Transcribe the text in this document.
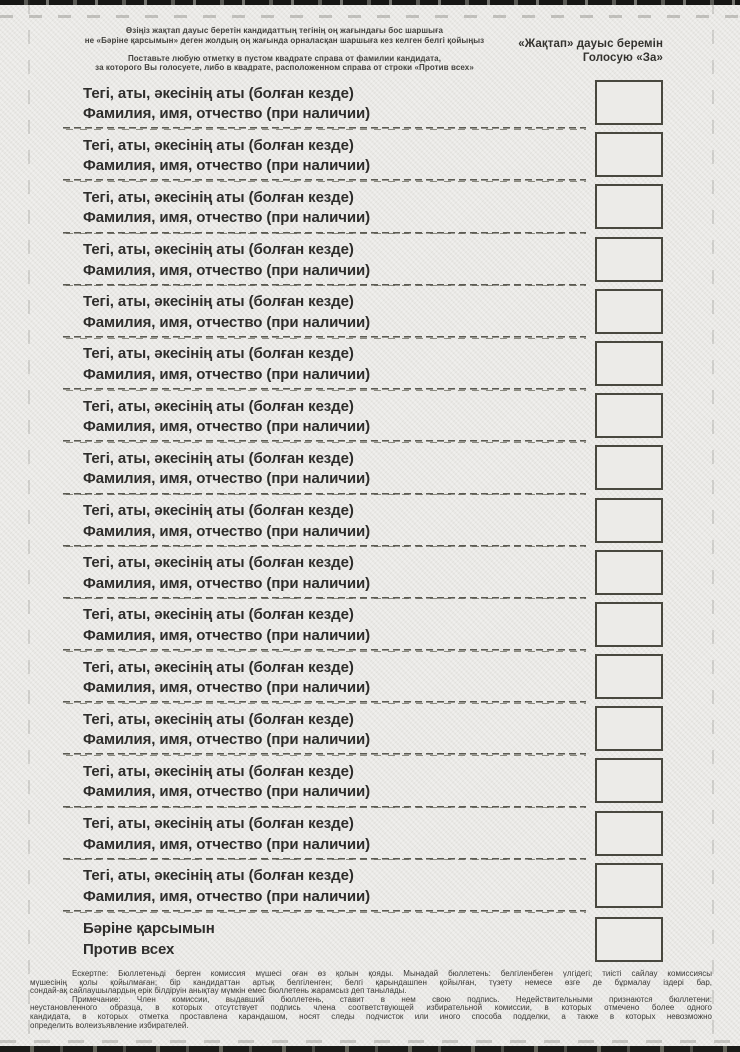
Өзіңіз жақтап дауыс беретін кандидаттың тегінің оң жағындағы бос шаршыға
не «Бәріне қарсымын» деген жолдың оң жағында орналасқан шаршыға кез келген белгі қойыңыз
Поставьте любую отметку в пустом квадрате справа от фамилии кандидата,
за которого Вы голосуете, либо в квадрате, расположенном справа от строки «Против всех»
«Жақтап» дауыс беремін
Голосую «За»
Тегі, аты, әкесінің аты (болған кезде)
Фамилия, имя, отчество (при наличии)
Тегі, аты, әкесінің аты (болған кезде)
Фамилия, имя, отчество (при наличии)
Тегі, аты, әкесінің аты (болған кезде)
Фамилия, имя, отчество (при наличии)
Тегі, аты, әкесінің аты (болған кезде)
Фамилия, имя, отчество (при наличии)
Тегі, аты, әкесінің аты (болған кезде)
Фамилия, имя, отчество (при наличии)
Тегі, аты, әкесінің аты (болған кезде)
Фамилия, имя, отчество (при наличии)
Тегі, аты, әкесінің аты (болған кезде)
Фамилия, имя, отчество (при наличии)
Тегі, аты, әкесінің аты (болған кезде)
Фамилия, имя, отчество (при наличии)
Тегі, аты, әкесінің аты (болған кезде)
Фамилия, имя, отчество (при наличии)
Тегі, аты, әкесінің аты (болған кезде)
Фамилия, имя, отчество (при наличии)
Тегі, аты, әкесінің аты (болған кезде)
Фамилия, имя, отчество (при наличии)
Тегі, аты, әкесінің аты (болған кезде)
Фамилия, имя, отчество (при наличии)
Тегі, аты, әкесінің аты (болған кезде)
Фамилия, имя, отчество (при наличии)
Тегі, аты, әкесінің аты (болған кезде)
Фамилия, имя, отчество (при наличии)
Тегі, аты, әкесінің аты (болған кезде)
Фамилия, имя, отчество (при наличии)
Тегі, аты, әкесінің аты (болған кезде)
Фамилия, имя, отчество (при наличии)
Бәріне қарсымын
Против всех
Ескертпе: Бюллетеньді берген комиссия мүшесі оған өз қолын қояды. Мынадай бюллетень: белгіленбеген үлгідегі; тиісті сайлау комиссиясы
мүшесінің қолы қойылмаған; бір кандидаттан артық белгіленген; белгі қарындашпен қойылған, түзету немесе өзге де бұрмалау іздері бар,
сондай-ақ сайлаушылардың ерік білдіруін анықтау мүмкін емес бюллетень жарамсыз деп танылады.
Примечание: Член комиссии, выдавший бюллетень, ставит в нем свою подпись. Недействительными признаются бюллетени:
неустановленного образца, в которых отсутствует подпись члена соответствующей избирательной комиссии, в которых отмечено более одного
кандидата, в которых отметка проставлена карандашом, носят следы подчисток или иного способа подделки, а также в которых невозможно
определить волеизъявление избирателей.
